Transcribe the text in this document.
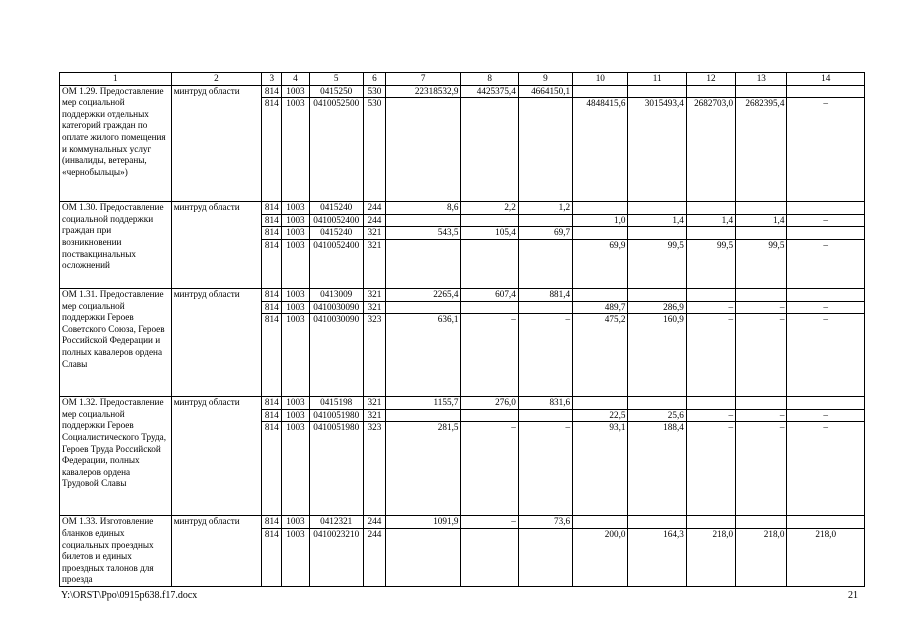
1	2	3	4	5	6	7	8	9	10	11	12	13	14
ОМ 1.29. Предоставление мер социальной поддержки отдельных категорий граждан по оплате жилого помещения и коммунальных услуг (инвалиды, ветераны, «чернобыльцы»)	минтруд области	814	1003	0415250	530	22318532,9	4425375,4	4664150,1					
		814	1003	0410052500	530				4848415,6	3015493,4	2682703,0	2682395,4	–
ОМ 1.30. Предоставление социальной поддержки граждан при возникновении поствакцинальных осложнений	минтруд области	814	1003	0415240	244	8,6	2,2	1,2					
		814	1003	0410052400	244				1,0	1,4	1,4	1,4	–
		814	1003	0415240	321	543,5	105,4	69,7					
		814	1003	0410052400	321				69,9	99,5	99,5	99,5	–
ОМ 1.31. Предоставление мер социальной поддержки Героев Советского Союза, Героев Российской Федерации и полных кавалеров ордена Славы	минтруд области	814	1003	0413009	321	2265,4	607,4	881,4					
		814	1003	0410030090	321				489,7	286,9	–	–	–
		814	1003	0410030090	323	636,1	–	–	475,2	160,9	–	–	–
ОМ 1.32. Предоставление мер социальной поддержки Героев Социалистического Труда, Героев Труда Российской Федерации, полных кавалеров ордена Трудовой Славы	минтруд области	814	1003	0415198	321	1155,7	276,0	831,6					
		814	1003	0410051980	321				22,5	25,6	–	–	–
		814	1003	0410051980	323	281,5	–	–	93,1	188,4	–	–	–
ОМ 1.33. Изготовление бланков единых социальных проездных билетов и единых проездных талонов для проезда	минтруд области	814	1003	0412321	244	1091,9	–	73,6					
		814	1003	0410023210	244				200,0	164,3	218,0	218,0	218,0
Y:\ORST\Ppo\0915p638.f17.docx	21
